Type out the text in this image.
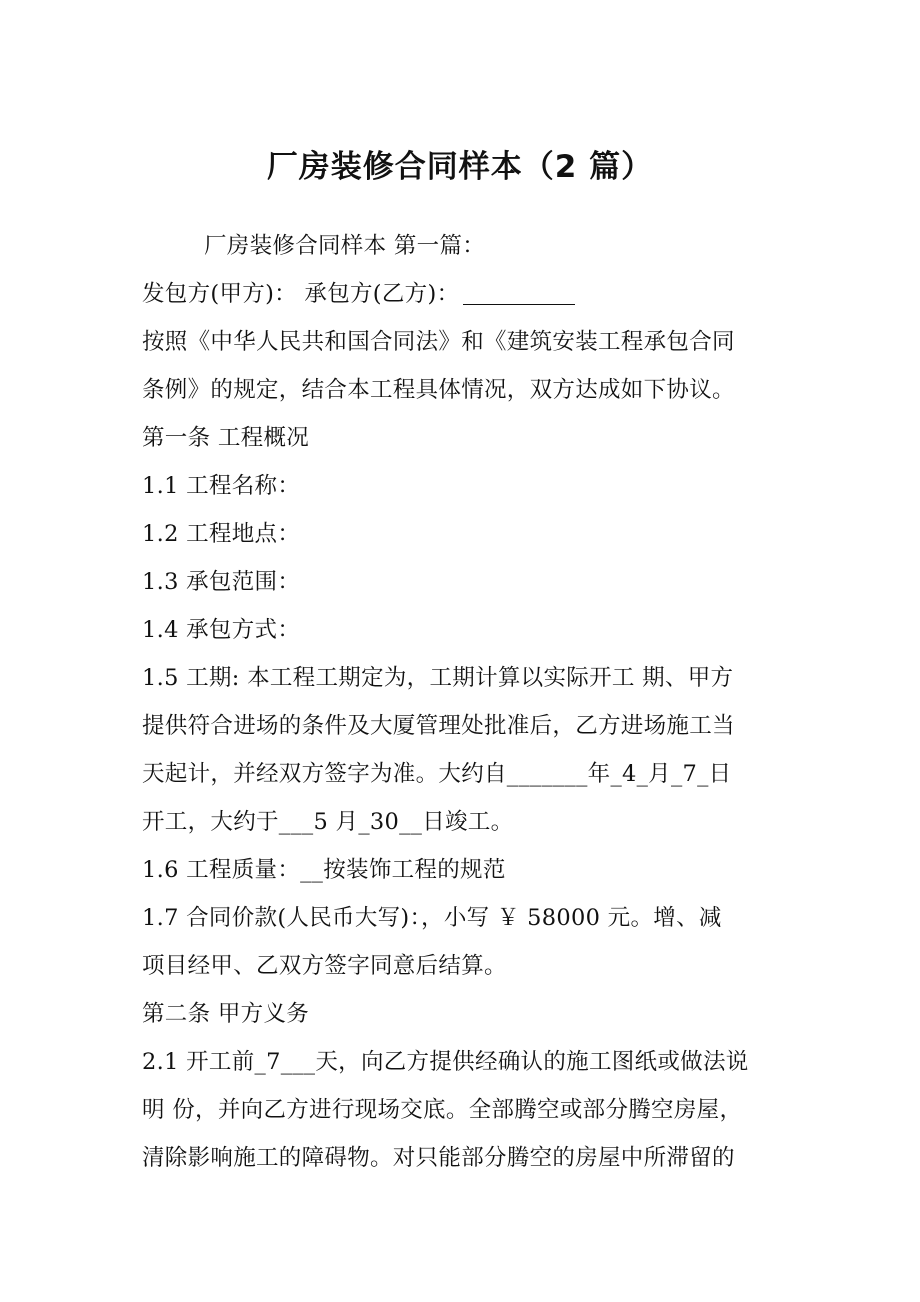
厂房装修合同样本（2 篇）
厂房装修合同样本 第一篇：
发包方(甲方)： 承包方(乙方)：
按照《中华人民共和国合同法》和《建筑安装工程承包合同
条例》的规定，结合本工程具体情况，双方达成如下协议。
第一条 工程概况
1.1 工程名称：
1.2 工程地点：
1.3 承包范围：
1.4 承包方式：
1.5 工期: 本工程工期定为，工期计算以实际开工 期、甲方
提供符合进场的条件及大厦管理处批准后，乙方进场施工当
天起计，并经双方签字为准。大约自_______年_4_月_7_日
开工，大约于___5 月_30__日竣工。
1.6 工程质量：__按装饰工程的规范
1.7 合同价款(人民币大写)：，小写 ￥ 58000 元。增、减
项目经甲、乙双方签字同意后结算。
第二条 甲方义务
2.1 开工前_7___天，向乙方提供经确认的施工图纸或做法说
明 份，并向乙方进行现场交底。全部腾空或部分腾空房屋，
清除影响施工的障碍物。对只能部分腾空的房屋中所滞留的
